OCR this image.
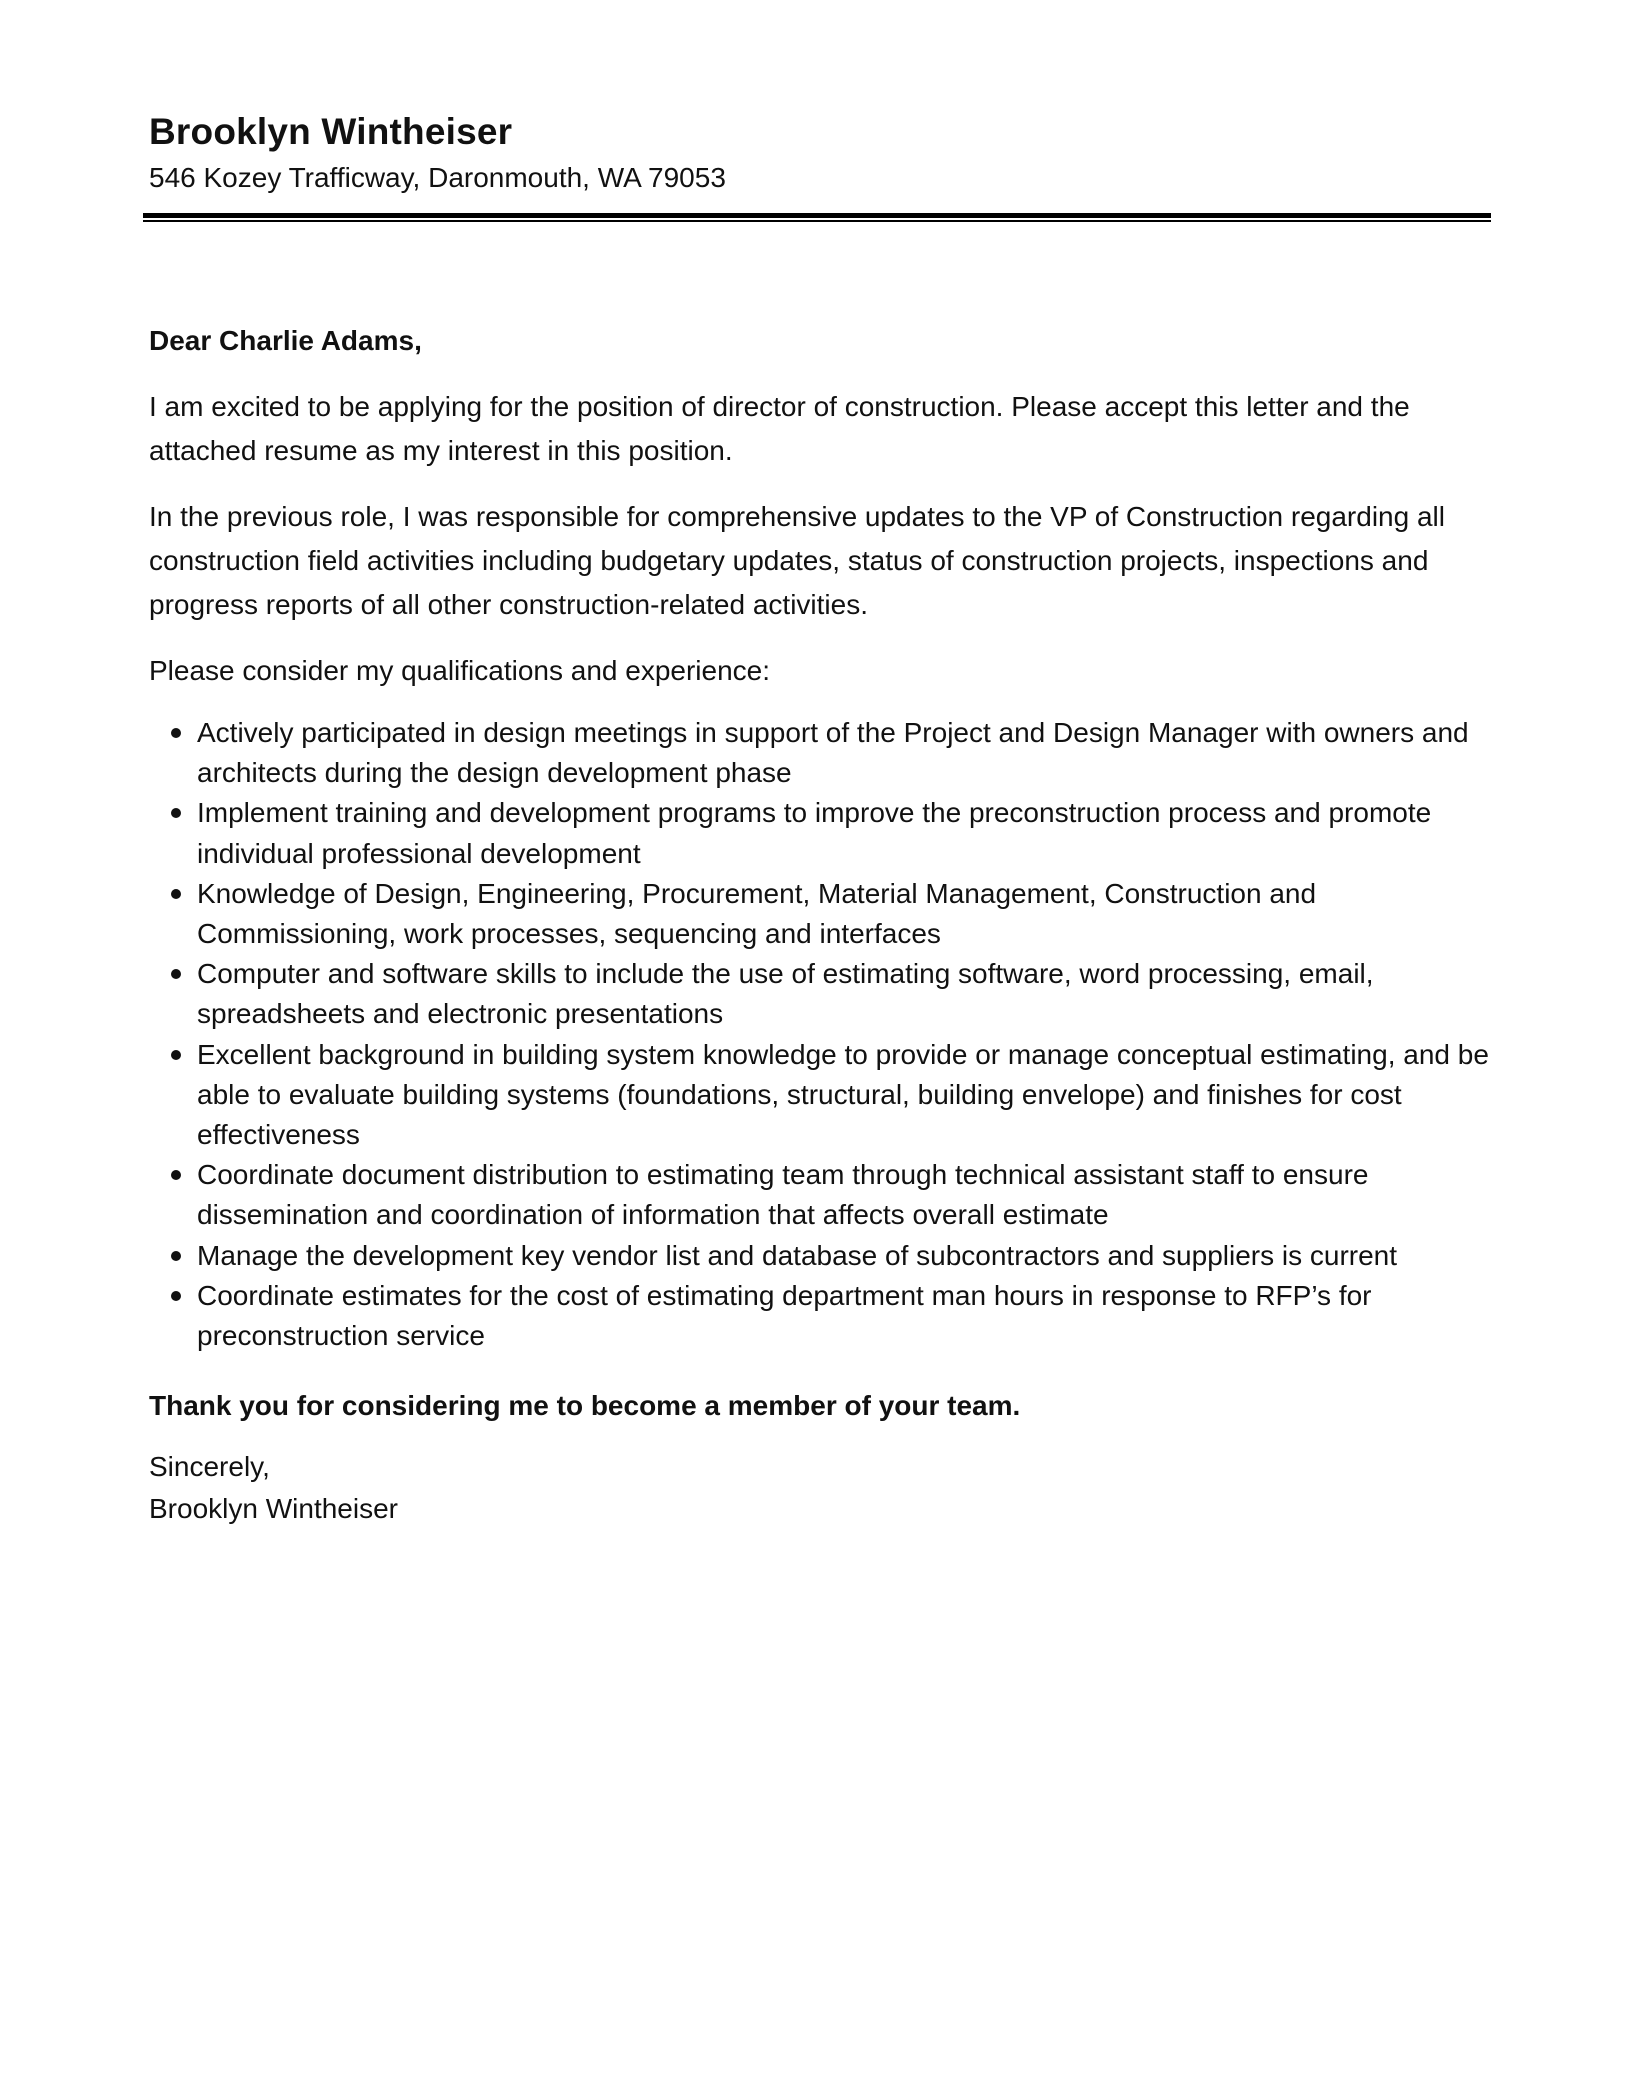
Brooklyn Wintheiser
546 Kozey Trafficway, Daronmouth, WA 79053

Dear Charlie Adams,

I am excited to be applying for the position of director of construction. Please accept this letter and the attached resume as my interest in this position.

In the previous role, I was responsible for comprehensive updates to the VP of Construction regarding all construction field activities including budgetary updates, status of construction projects, inspections and progress reports of all other construction-related activities.

Please consider my qualifications and experience:

Actively participated in design meetings in support of the Project and Design Manager with owners and architects during the design development phase
Implement training and development programs to improve the preconstruction process and promote individual professional development
Knowledge of Design, Engineering, Procurement, Material Management, Construction and Commissioning, work processes, sequencing and interfaces
Computer and software skills to include the use of estimating software, word processing, email, spreadsheets and electronic presentations
Excellent background in building system knowledge to provide or manage conceptual estimating, and be able to evaluate building systems (foundations, structural, building envelope) and finishes for cost effectiveness
Coordinate document distribution to estimating team through technical assistant staff to ensure dissemination and coordination of information that affects overall estimate
Manage the development key vendor list and database of subcontractors and suppliers is current
Coordinate estimates for the cost of estimating department man hours in response to RFP’s for preconstruction service

Thank you for considering me to become a member of your team.

Sincerely,

Brooklyn Wintheiser
